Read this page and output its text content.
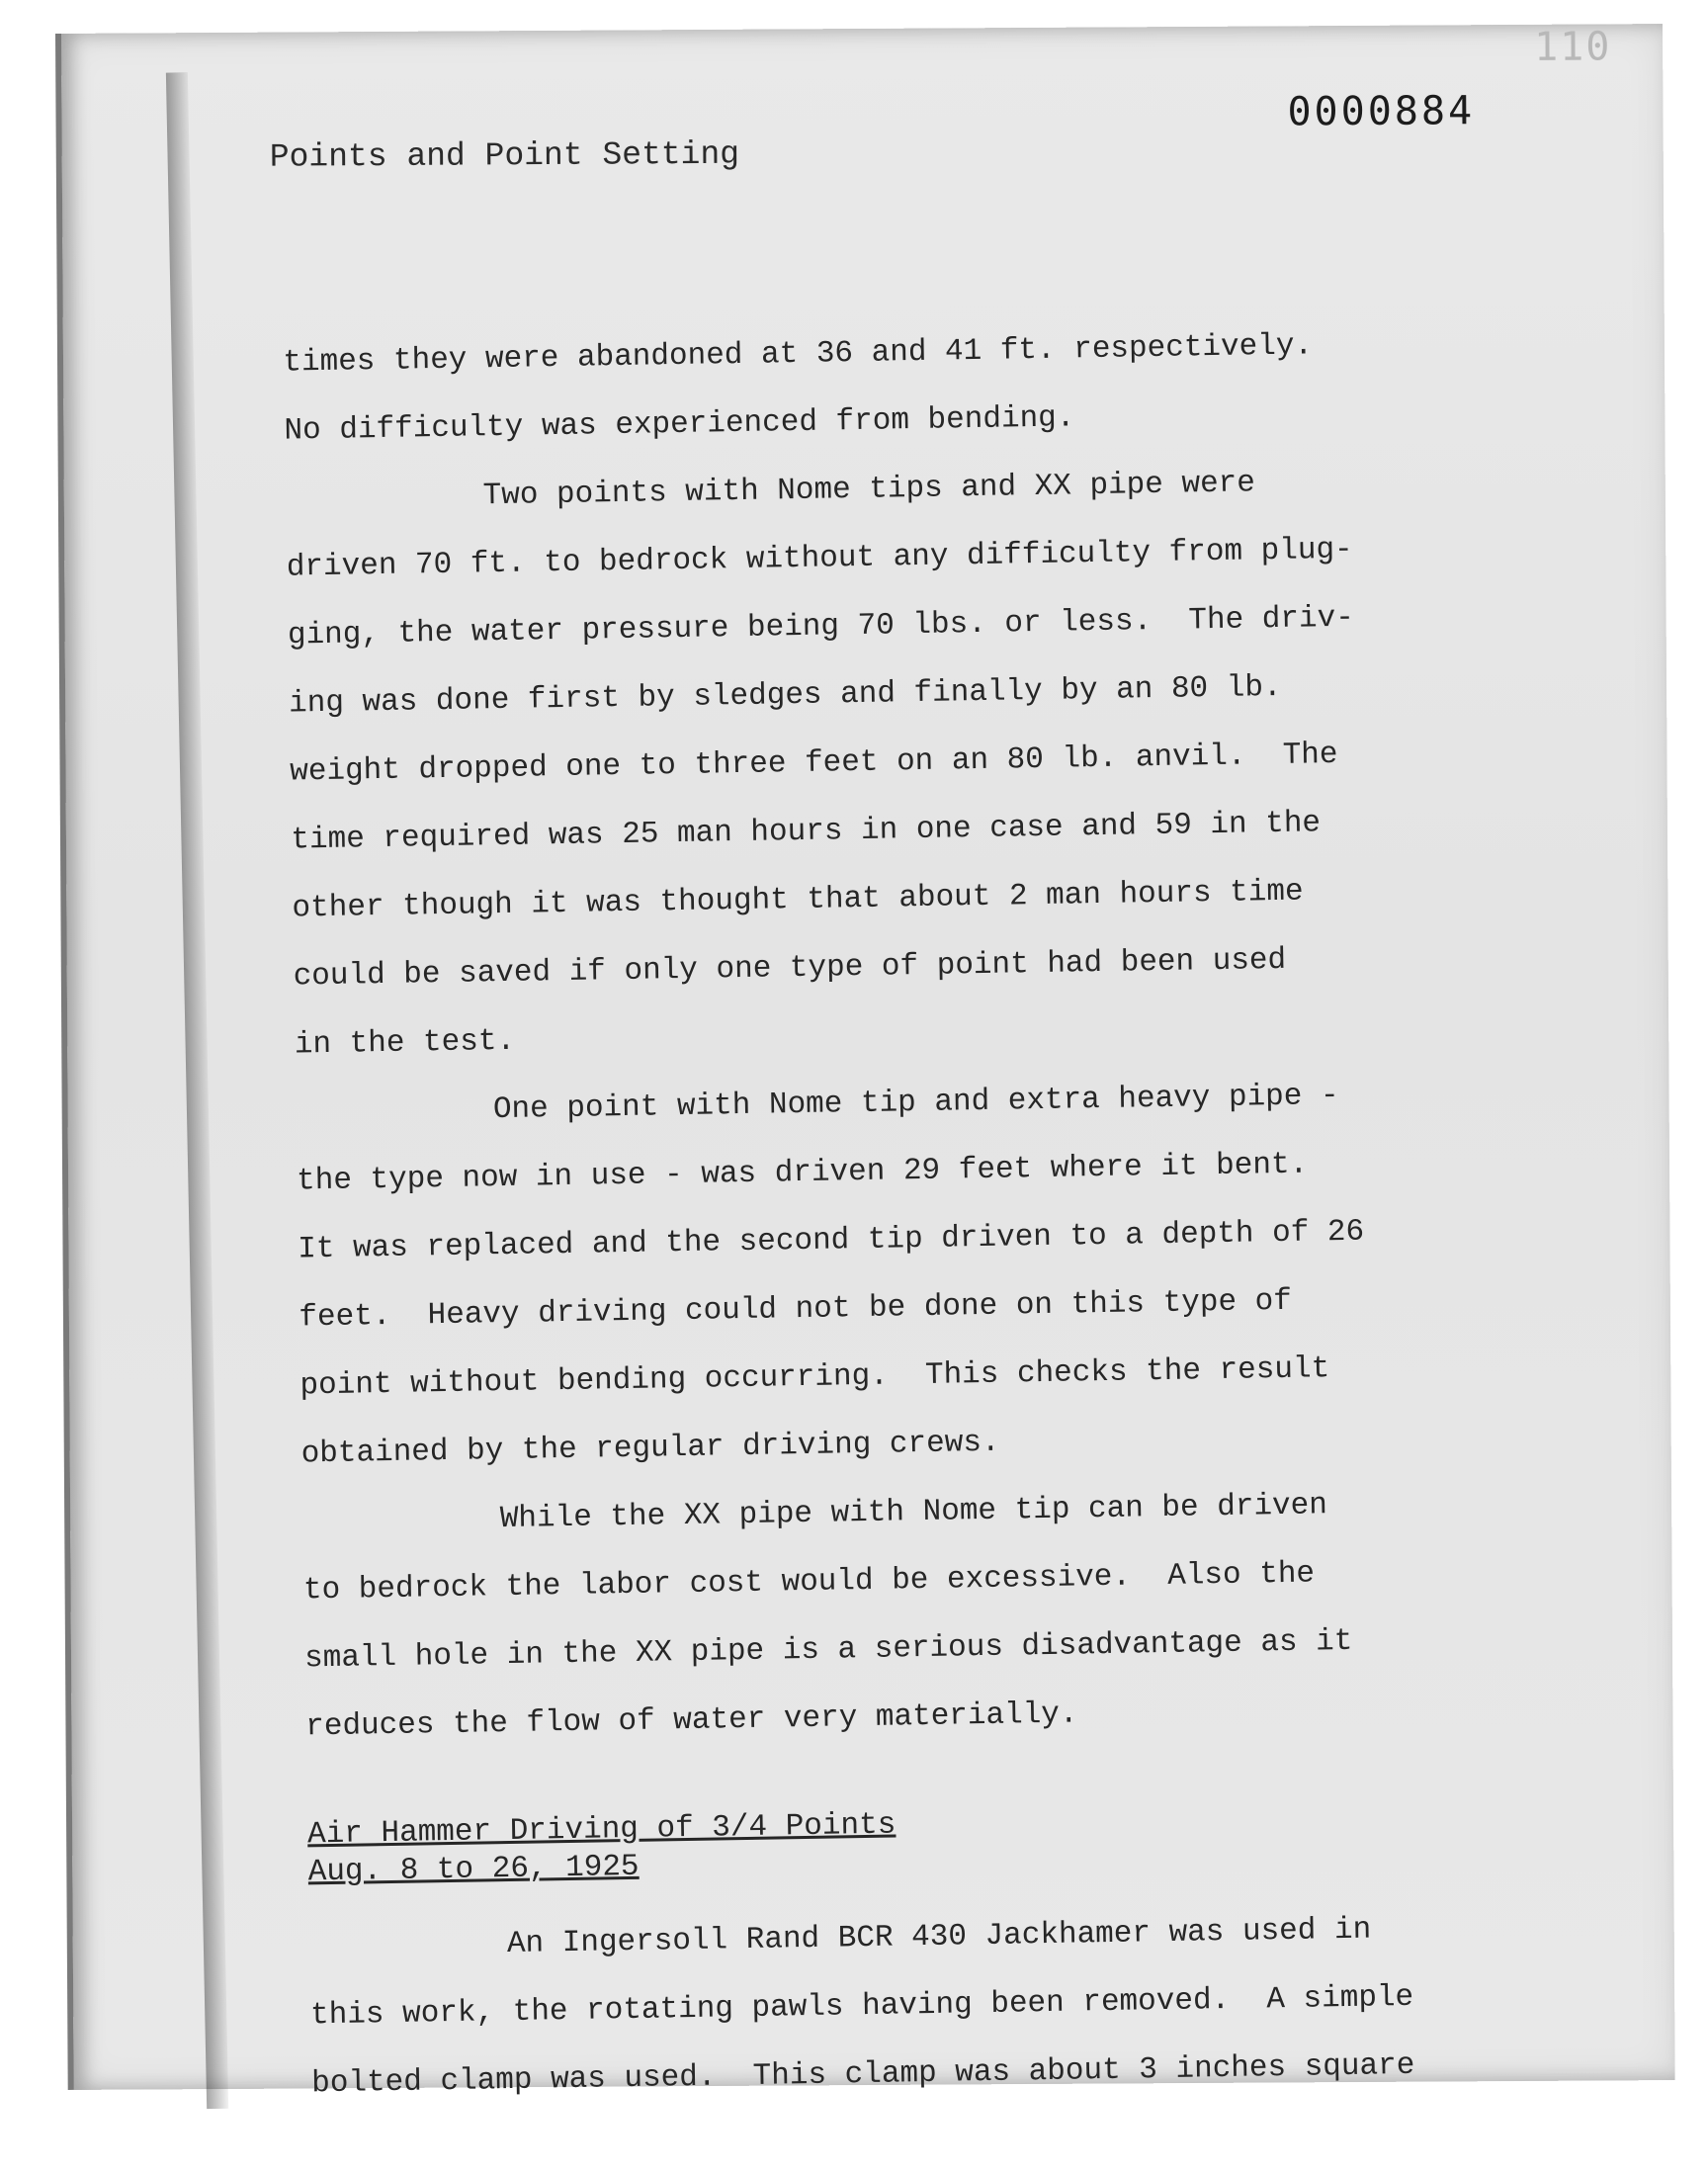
110
0000884
Points and Point Setting
times they were abandoned at 36 and 41 ft. respectively.
No difficulty was experienced from bending.
Two points with Nome tips and XX pipe were
driven 70 ft. to bedrock without any difficulty from plug-
ging, the water pressure being 70 lbs. or less.  The driv-
ing was done first by sledges and finally by an 80 lb.
weight dropped one to three feet on an 80 lb. anvil.  The
time required was 25 man hours in one case and 59 in the
other though it was thought that about 2 man hours time
could be saved if only one type of point had been used
in the test.
One point with Nome tip and extra heavy pipe -
the type now in use - was driven 29 feet where it bent.
It was replaced and the second tip driven to a depth of 26
feet.  Heavy driving could not be done on this type of
point without bending occurring.  This checks the result
obtained by the regular driving crews.
While the XX pipe with Nome tip can be driven
to bedrock the labor cost would be excessive.  Also the
small hole in the XX pipe is a serious disadvantage as it
reduces the flow of water very materially.
Air Hammer Driving of 3/4 Points
Aug. 8 to 26, 1925
An Ingersoll Rand BCR 430 Jackhamer was used in
this work, the rotating pawls having been removed.  A simple
bolted clamp was used.  This clamp was about 3 inches square
